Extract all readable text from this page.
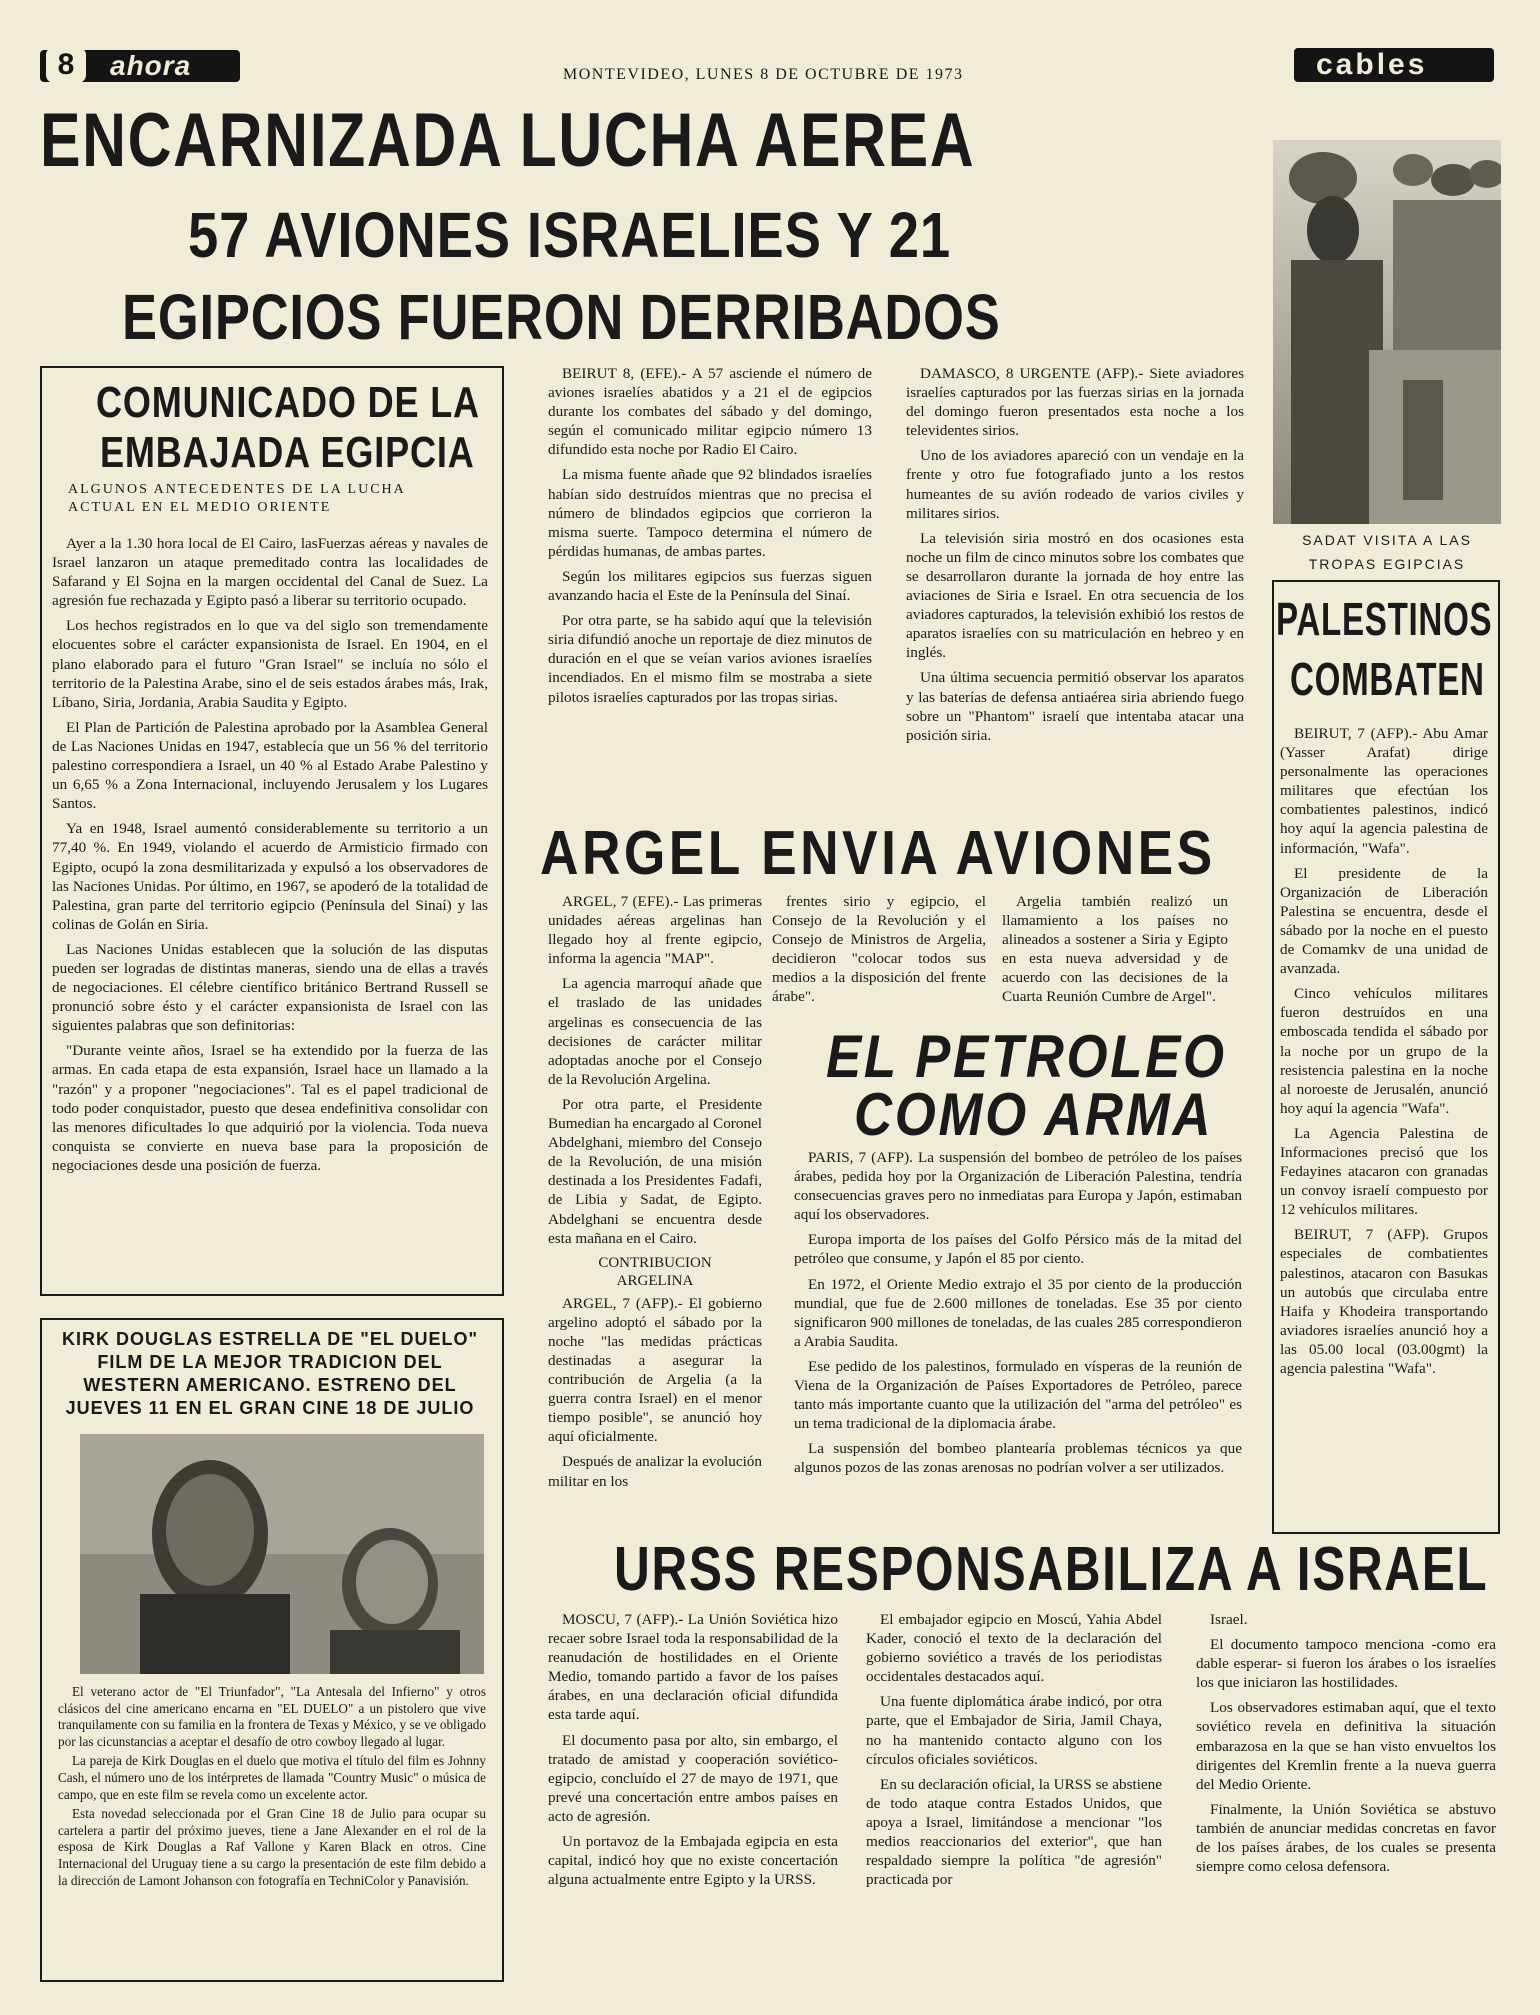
8	ahora	MONTEVIDEO, LUNES 8 DE OCTUBRE DE 1973	cables
ENCARNIZADA LUCHA AEREA
57 AVIONES ISRAELIES Y 21
EGIPCIOS FUERON DERRIBADOS
SADAT VISITA A LAS
TROPAS EGIPCIAS
COMUNICADO DE LA
EMBAJADA EGIPCIA
ALGUNOS ANTECEDENTES DE LA LUCHA
ACTUAL EN EL MEDIO ORIENTE

Ayer a la 1.30 hora local de El Cairo, lasFuerzas aéreas y navales de Israel lanzaron un ataque premeditado contra las localidades de Safarand y El Sojna en la margen occidental del Canal de Suez. La agresión fue rechazada y Egipto pasó a liberar su territorio ocupado.

Los hechos registrados en lo que va del siglo son tremendamente elocuentes sobre el carácter expansionista de Israel. En 1904, en el plano elaborado para el futuro "Gran Israel" se incluía no sólo el territorio de la Palestina Arabe, sino el de seis estados árabes más, Irak, Líbano, Siria, Jordania, Arabia Saudita y Egipto.

El Plan de Partición de Palestina aprobado por la Asamblea General de Las Naciones Unidas en 1947, establecía que un 56 % del territorio palestino correspondiera a Israel, un 40 % al Estado Arabe Palestino y un 6,65 % a Zona Internacional, incluyendo Jerusalem y los Lugares Santos.

Ya en 1948, Israel aumentó considerablemente su territorio a un 77,40 %. En 1949, violando el acuerdo de Armisticio firmado con Egipto, ocupó la zona desmilitarizada y expulsó a los observadores de las Naciones Unidas. Por último, en 1967, se apoderó de la totalidad de Palestina, gran parte del territorio egipcio (Península del Sinaí) y las colinas de Golán en Siria.

Las Naciones Unidas establecen que la solución de las disputas pueden ser logradas de distintas maneras, siendo una de ellas a través de negociaciones. El célebre científico británico Bertrand Russell se pronunció sobre ésto y el carácter expansionista de Israel con las siguientes palabras que son definitorias:

"Durante veinte años, Israel se ha extendido por la fuerza de las armas. En cada etapa de esta expansión, Israel hace un llamado a la "razón" y a proponer "negociaciones". Tal es el papel tradicional de todo poder conquistador, puesto que desea endefinitiva consolidar con las menores dificultades lo que adquirió por la violencia. Toda nueva conquista se convierte en nueva base para la proposición de negociaciones desde una posición de fuerza.

BEIRUT 8, (EFE).- A 57 asciende el número de aviones israelíes abatidos y a 21 el de egipcios durante los combates del sábado y del domingo, según el comunicado militar egipcio número 13 difundido esta noche por Radio El Cairo.

La misma fuente añade que 92 blindados israelíes habían sido destruídos mientras que no precisa el número de blindados egipcios que corrieron la misma suerte. Tampoco determina el número de pérdidas humanas, de ambas partes.

Según los militares egipcios sus fuerzas siguen avanzando hacia el Este de la Península del Sinaí.

Por otra parte, se ha sabido aquí que la televisión siria difundió anoche un reportaje de diez minutos de duración en el que se veían varios aviones israelíes incendiados. En el mismo film se mostraba a siete pilotos israelíes capturados por las tropas sirias.

DAMASCO, 8 URGENTE (AFP).- Siete aviadores israelíes capturados por las fuerzas sirias en la jornada del domingo fueron presentados esta noche a los televidentes sirios.

Uno de los aviadores apareció con un vendaje en la frente y otro fue fotografiado junto a los restos humeantes de su avión rodeado de varios civiles y militares sirios.

La televisión siria mostró en dos ocasiones esta noche un film de cinco minutos sobre los combates que se desarrollaron durante la jornada de hoy entre las aviaciones de Siria e Israel. En otra secuencia de los aviadores capturados, la televisión exhibió los restos de aparatos israelíes con su matriculación en hebreo y en inglés.

Una última secuencia permitió observar los aparatos y las baterías de defensa antiaérea siria abriendo fuego sobre un "Phantom" israelí que intentaba atacar una posición siria.

PALESTINOS
COMBATEN

BEIRUT, 7 (AFP).- Abu Amar (Yasser Arafat) dirige personalmente las operaciones militares que efectúan los combatientes palestinos, indicó hoy aquí la agencia palestina de información, "Wafa".

El presidente de la Organización de Liberación Palestina se encuentra, desde el sábado por la noche en el puesto de Comamkv de una unidad de avanzada.

Cinco vehículos militares fueron destruídos en una emboscada tendida el sábado por la noche por un grupo de la resistencia palestina en la noche al noroeste de Jerusalén, anunció hoy aquí la agencia "Wafa".

La Agencia Palestina de Informaciones precisó que los Fedayines atacaron con granadas un convoy israelí compuesto por 12 vehículos militares.

BEIRUT, 7 (AFP). Grupos especiales de combatientes palestinos, atacaron con Basukas un autobús que circulaba entre Haifa y Khodeira transportando aviadores israelíes anunció hoy a las 05.00 local (03.00gmt) la agencia palestina "Wafa".

ARGEL ENVIA AVIONES

ARGEL, 7 (EFE).- Las primeras unidades aéreas argelinas han llegado hoy al frente egipcio, informa la agencia "MAP".

La agencia marroquí añade que el traslado de las unidades argelinas es consecuencia de las decisiones de carácter militar adoptadas anoche por el Consejo de la Revolución Argelina.

Por otra parte, el Presidente Bumedian ha encargado al Coronel Abdelghani, miembro del Consejo de la Revolución, de una misión destinada a los Presidentes Fadafi, de Libia y Sadat, de Egipto. Abdelghani se encuentra desde esta mañana en el Cairo.

CONTRIBUCION
ARGELINA

ARGEL, 7 (AFP).- El gobierno argelino adoptó el sábado por la noche "las medidas prácticas destinadas a asegurar la contribución de Argelia (a la guerra contra Israel) en el menor tiempo posible", se anunció hoy aquí oficialmente.

Después de analizar la evolución militar en los

frentes sirio y egipcio, el Consejo de la Revolución y el Consejo de Ministros de Argelia, decidieron "colocar todos sus medios a la disposición del frente árabe".

Argelia también realizó un llamamiento a los países no alineados a sostener a Siria y Egipto en esta nueva adversidad y de acuerdo con las decisiones de la Cuarta Reunión Cumbre de Argel".

EL PETROLEO
COMO ARMA

PARIS, 7 (AFP). La suspensión del bombeo de petróleo de los países árabes, pedida hoy por la Organización de Liberación Palestina, tendría consecuencias graves pero no inmediatas para Europa y Japón, estimaban aquí los observadores.

Europa importa de los países del Golfo Pérsico más de la mitad del petróleo que consume, y Japón el 85 por ciento.

En 1972, el Oriente Medio extrajo el 35 por ciento de la producción mundial, que fue de 2.600 millones de toneladas. Ese 35 por ciento significaron 900 millones de toneladas, de las cuales 285 correspondieron a Arabia Saudita.

Ese pedido de los palestinos, formulado en vísperas de la reunión de Viena de la Organización de Países Exportadores de Petróleo, parece tanto más importante cuanto que la utilización del "arma del petróleo" es un tema tradicional de la diplomacia árabe.

La suspensión del bombeo plantearía problemas técnicos ya que algunos pozos de las zonas arenosas no podrían volver a ser utilizados.

KIRK DOUGLAS ESTRELLA DE "EL DUELO"
FILM DE LA MEJOR TRADICION DEL
WESTERN AMERICANO. ESTRENO DEL
JUEVES 11 EN EL GRAN CINE 18 DE JULIO

El veterano actor de "El Triunfador", "La Antesala del Infierno" y otros clásicos del cine americano encarna en "EL DUELO" a un pistolero que vive tranquilamente con su familia en la frontera de Texas y México, y se ve obligado por las cicunstancias a aceptar el desafío de otro cowboy llegado al lugar.

La pareja de Kirk Douglas en el duelo que motiva el título del film es Johnny Cash, el número uno de los intérpretes de llamada "Country Music" o música de campo, que en este film se revela como un excelente actor.

Esta novedad seleccionada por el Gran Cine 18 de Julio para ocupar su cartelera a partir del próximo jueves, tiene a Jane Alexander en el rol de la esposa de Kirk Douglas a Raf Vallone y Karen Black en otros. Cine Internacional del Uruguay tiene a su cargo la presentación de este film debido a la dirección de Lamont Johanson con fotografía en TechniColor y Panavisión.

URSS RESPONSABILIZA A ISRAEL

MOSCU, 7 (AFP).- La Unión Soviética hizo recaer sobre Israel toda la responsabilidad de la reanudación de hostilidades en el Oriente Medio, tomando partido a favor de los países árabes, en una declaración oficial difundida esta tarde aquí.

El documento pasa por alto, sin embargo, el tratado de amistad y cooperación soviético-egipcio, concluído el 27 de mayo de 1971, que prevé una concertación entre ambos países en acto de agresión.

Un portavoz de la Embajada egipcia en esta capital, indicó hoy que no existe concertación alguna actualmente entre Egipto y la URSS.

El embajador egipcio en Moscú, Yahia Abdel Kader, conoció el texto de la declaración del gobierno soviético a través de los periodistas occidentales destacados aquí.

Una fuente diplomática árabe indicó, por otra parte, que el Embajador de Siria, Jamil Chaya, no ha mantenido contacto alguno con los círculos oficiales soviéticos.

En su declaración oficial, la URSS se abstiene de todo ataque contra Estados Unidos, que apoya a Israel, limitándose a mencionar "los medios reaccionarios del exterior", que han respaldado siempre la política "de agresión" practicada por

Israel.

El documento tampoco menciona -como era dable esperar- si fueron los árabes o los israelíes los que iniciaron las hostilidades.

Los observadores estimaban aquí, que el texto soviético revela en definitiva la situación embarazosa en la que se han visto envueltos los dirigentes del Kremlin frente a la nueva guerra del Medio Oriente.

Finalmente, la Unión Soviética se abstuvo también de anunciar medidas concretas en favor de los países árabes, de los cuales se presenta siempre como celosa defensora.
